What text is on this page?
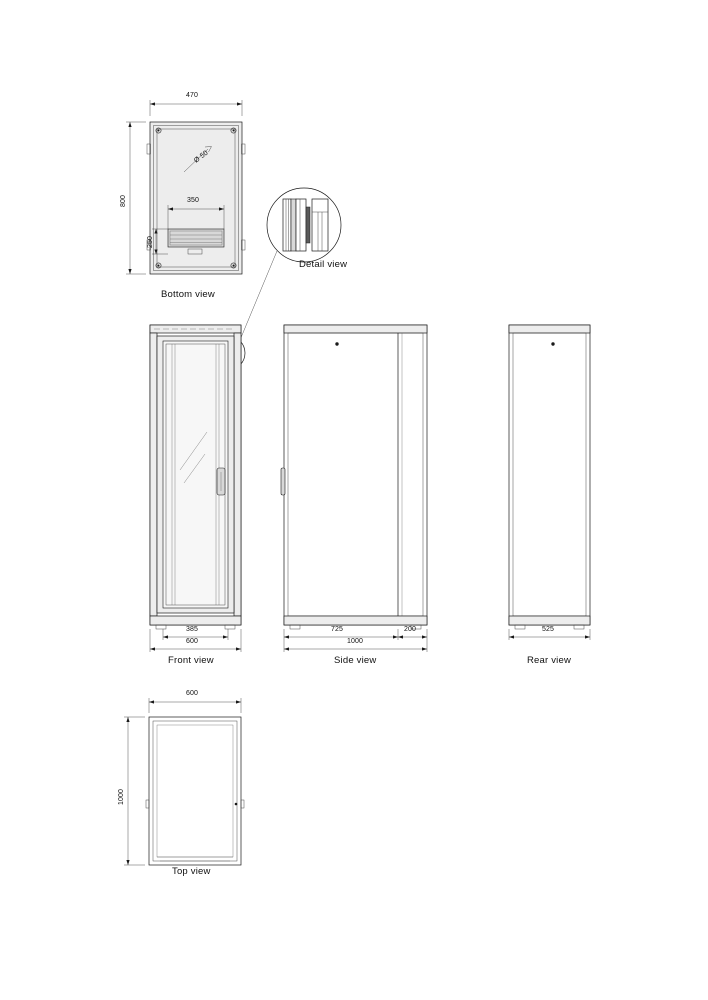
470
800	350
250
Ø 50
385
600
725	200
1000
525
600
1000
Bottom view
Detail view
Front view	Side view	Rear view
Top view
